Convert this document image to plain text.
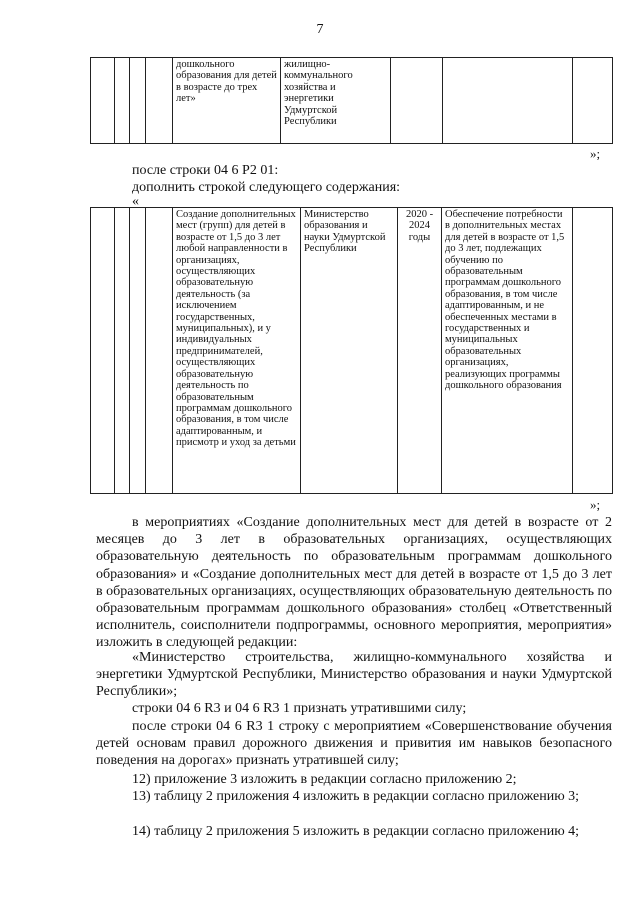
7
				дошкольного образования для детей в возрасте до трех лет»	жилищно-коммунального хозяйства и энергетики Удмуртской Республики			
»;
после строки 04 6 Р2 01:
дополнить строкой следующего содержания:
«
				Создание дополнительных мест (групп) для детей в возрасте от 1,5 до 3 лет любой направленности в организациях, осуществляющих образовательную деятельность (за исключением государственных, муниципальных), и у индивидуальных предпринимателей, осуществляющих образовательную деятельность по образовательным программам дошкольного образования, в том числе адаптированным, и присмотр и уход за детьми	Министерство образования и науки Удмуртской Республики	2020 - 2024 годы	Обеспечение потребности в дополнительных местах для детей в возрасте от 1,5 до 3 лет, подлежащих обучению по образовательным программам дошкольного образования, в том числе адаптированным, и не обеспеченных местами в государственных и муниципальных образовательных организациях, реализующих программы дошкольного образования	
»;
в мероприятиях «Создание дополнительных мест для детей в возрасте от 2 месяцев до 3 лет в образовательных организациях, осуществляющих образовательную деятельность по образовательным программам дошкольного образования» и «Создание дополнительных мест для детей в возрасте от 1,5 до 3 лет в образовательных организациях, осуществляющих образовательную деятельность по образовательным программам дошкольного образования» столбец «Ответственный исполнитель, соисполнители подпрограммы, основного мероприятия, мероприятия» изложить в следующей редакции:
«Министерство строительства, жилищно-коммунального хозяйства и энергетики Удмуртской Республики, Министерство образования и науки Удмуртской Республики»;
строки 04 6 R3 и 04 6 R3 1 признать утратившими силу;
после строки 04 6 R3 1 строку с мероприятием «Совершенствование обучения детей основам правил дорожного движения и привития им навыков безопасного поведения на дорогах» признать утратившей силу;
12) приложение 3 изложить в редакции согласно приложению 2;
13) таблицу 2 приложения 4 изложить в редакции согласно приложению 3;
14) таблицу 2 приложения 5 изложить в редакции согласно приложению 4;
